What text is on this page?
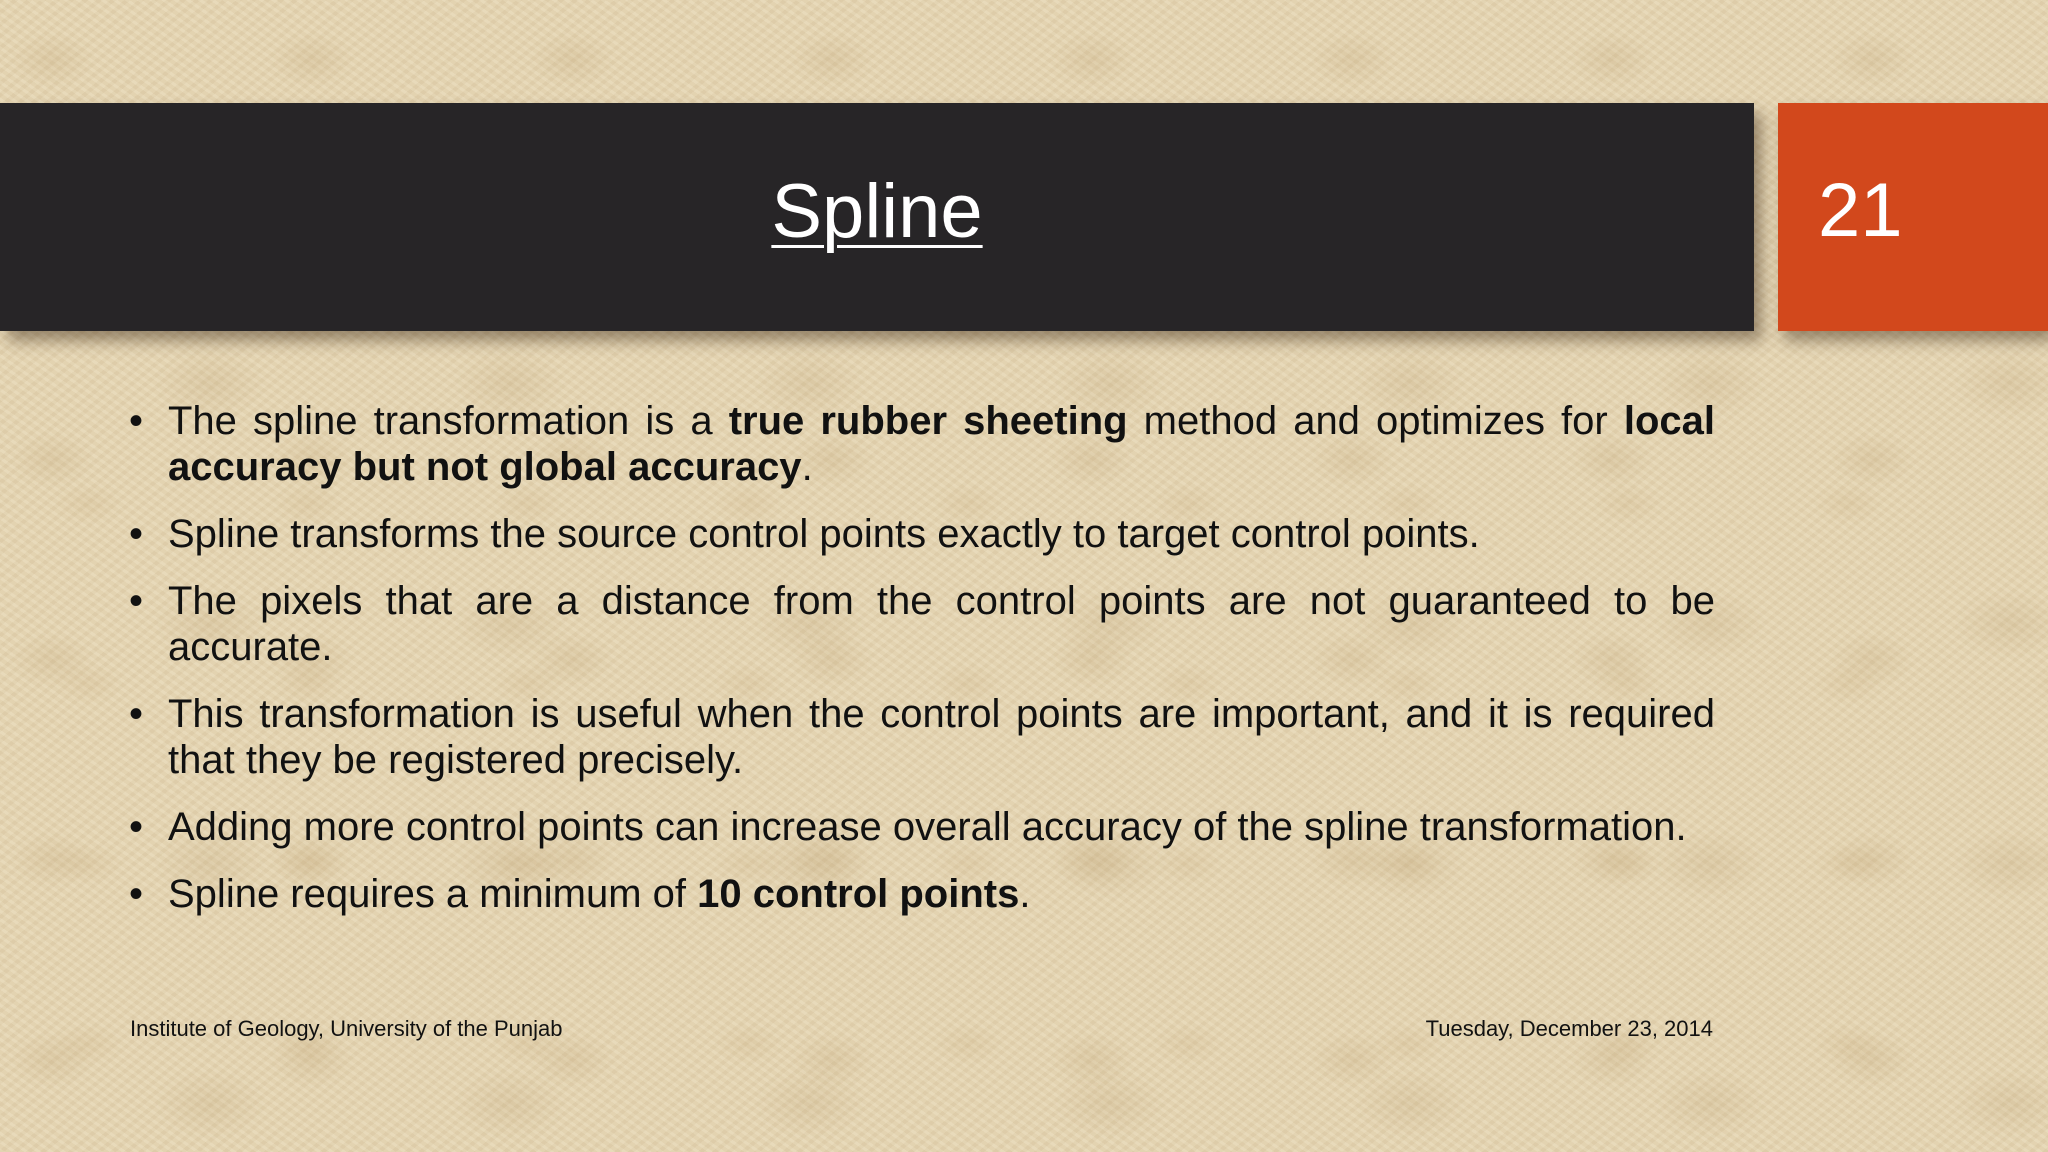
Spline	21
• The spline transformation is a true rubber sheeting method and optimizes for local accuracy but not global accuracy.
• Spline transforms the source control points exactly to target control points.
• The pixels that are a distance from the control points are not guaranteed to be accurate.
• This transformation is useful when the control points are important, and it is required that they be registered precisely.
• Adding more control points can increase overall accuracy of the spline transformation.
• Spline requires a minimum of 10 control points.
Institute of Geology, University of the Punjab	Tuesday, December 23, 2014
